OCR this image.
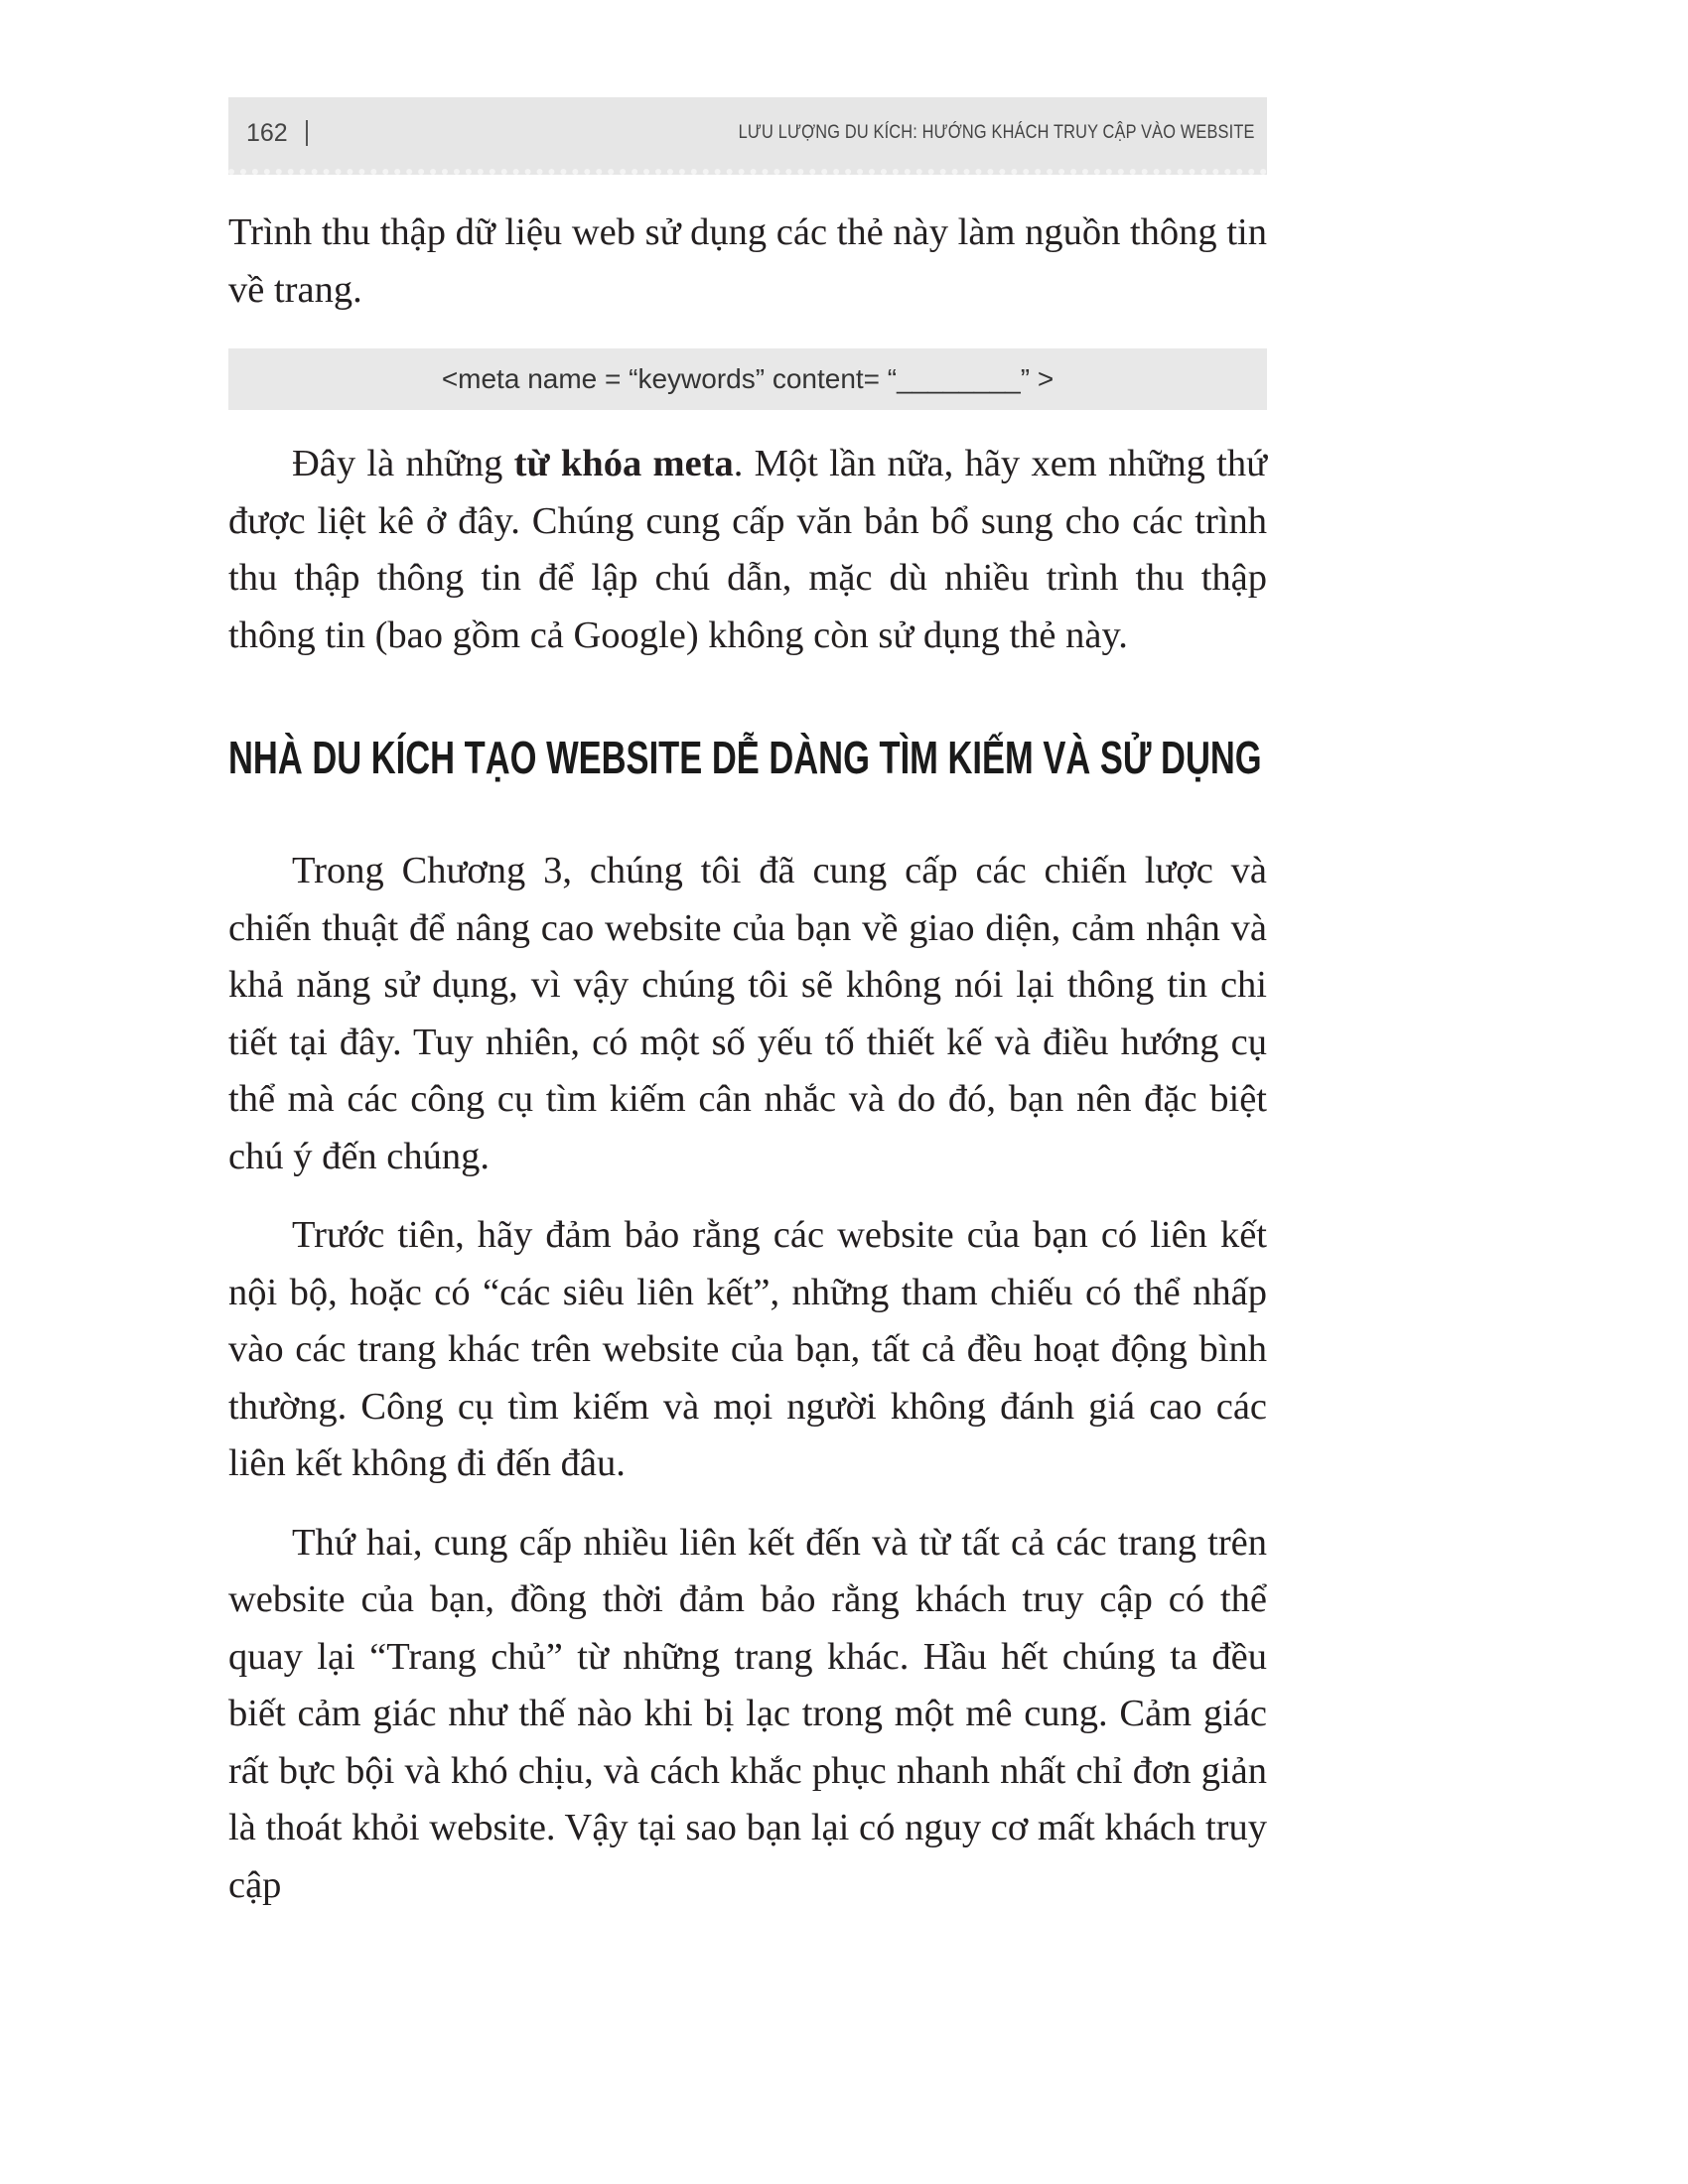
162	LƯU LƯỢNG DU KÍCH: HƯỚNG KHÁCH TRUY CẬP VÀO WEBSITE

Trình thu thập dữ liệu web sử dụng các thẻ này làm nguồn thông tin về trang.

<meta name = “keywords” content= “________” >

Đây là những từ khóa meta. Một lần nữa, hãy xem những thứ được liệt kê ở đây. Chúng cung cấp văn bản bổ sung cho các trình thu thập thông tin để lập chú dẫn, mặc dù nhiều trình thu thập thông tin (bao gồm cả Google) không còn sử dụng thẻ này.

NHÀ DU KÍCH TẠO WEBSITE DỄ DÀNG TÌM KIẾM VÀ SỬ DỤNG

Trong Chương 3, chúng tôi đã cung cấp các chiến lược và chiến thuật để nâng cao website của bạn về giao diện, cảm nhận và khả năng sử dụng, vì vậy chúng tôi sẽ không nói lại thông tin chi tiết tại đây. Tuy nhiên, có một số yếu tố thiết kế và điều hướng cụ thể mà các công cụ tìm kiếm cân nhắc và do đó, bạn nên đặc biệt chú ý đến chúng.

Trước tiên, hãy đảm bảo rằng các website của bạn có liên kết nội bộ, hoặc có “các siêu liên kết”, những tham chiếu có thể nhấp vào các trang khác trên website của bạn, tất cả đều hoạt động bình thường. Công cụ tìm kiếm và mọi người không đánh giá cao các liên kết không đi đến đâu.

Thứ hai, cung cấp nhiều liên kết đến và từ tất cả các trang trên website của bạn, đồng thời đảm bảo rằng khách truy cập có thể quay lại “Trang chủ” từ những trang khác. Hầu hết chúng ta đều biết cảm giác như thế nào khi bị lạc trong một mê cung. Cảm giác rất bực bội và khó chịu, và cách khắc phục nhanh nhất chỉ đơn giản là thoát khỏi website. Vậy tại sao bạn lại có nguy cơ mất khách truy cập
